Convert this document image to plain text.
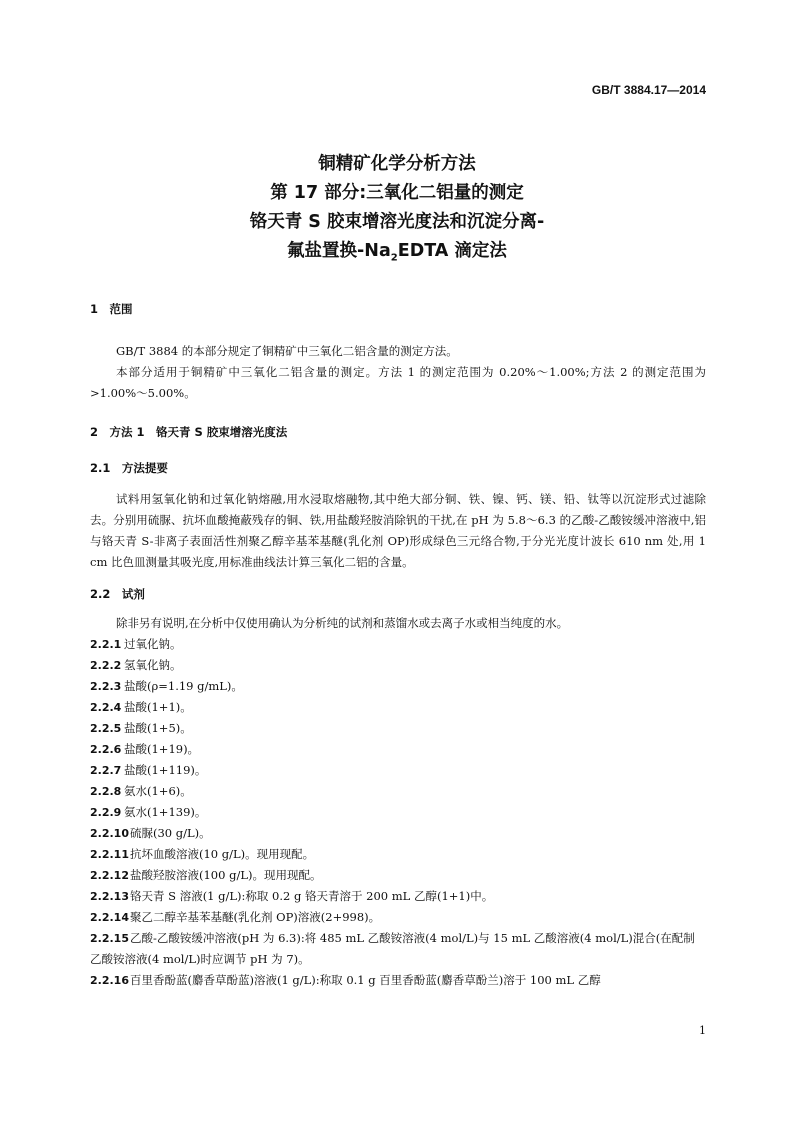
GB/T 3884.17—2014

铜精矿化学分析方法

第 17 部分:三氧化二铝量的测定

铬天青 S 胶束增溶光度法和沉淀分离-

氟盐置换$-Na_2EDTA$ 滴定法

1　范围

GB/T 3884 的本部分规定了铜精矿中三氧化二铝含量的测定方法。

本部分适用于铜精矿中三氧化二铝含量的测定。方法 1 的测定范围为 0.20%～1.00%;方法 2 的测定范围为>1.00%～5.00%。

2　方法 1　铬天青 S 胶束增溶光度法

2.1　方法提要

试料用氢氧化钠和过氧化钠熔融,用水浸取熔融物,其中绝大部分铜、铁、镍、钙、镁、铅、钛等以沉淀形式过滤除去。分别用硫脲、抗坏血酸掩蔽残存的铜、铁,用盐酸羟胺消除钒的干扰,在 pH 为 5.8～6.3 的乙酸-乙酸铵缓冲溶液中,铝与铬天青 S-非离子表面活性剂聚乙醇辛基苯基醚(乳化剂 OP)形成绿色三元络合物,于分光光度计波长 610 nm 处,用 1 cm 比色皿测量其吸光度,用标准曲线法计算三氧化二铝的含量。

2.2　试剂

除非另有说明,在分析中仅使用确认为分析纯的试剂和蒸馏水或去离子水或相当纯度的水。

2.2.1 过氧化钠。
2.2.2 氢氧化钠。
2.2.3 盐酸(ρ=1.19 g/mL)。
2.2.4 盐酸(1+1)。
2.2.5 盐酸(1+5)。
2.2.6 盐酸(1+19)。
2.2.7 盐酸(1+119)。
2.2.8 氨水(1+6)。
2.2.9 氨水(1+139)。
2.2.10硫脲(30 g/L)。
2.2.11抗坏血酸溶液(10 g/L)。现用现配。
2.2.12盐酸羟胺溶液(100 g/L)。现用现配。
2.2.13铬天青 S 溶液(1 g/L):称取 0.2 g 铬天青溶于 200 mL 乙醇(1+1)中。
2.2.14聚乙二醇辛基苯基醚(乳化剂 OP)溶液(2+998)。
2.2.15乙酸-乙酸铵缓冲溶液(pH 为 6.3):将 485 mL 乙酸铵溶液(4 mol/L)与 15 mL 乙酸溶液(4 mol/L)混合(在配制乙酸铵溶液(4 mol/L)时应调节 pH 为 7)。
2.2.16百里香酚蓝(麝香草酚蓝)溶液(1 g/L):称取 0.1 g 百里香酚蓝(麝香草酚兰)溶于 100 mL 乙醇
1
